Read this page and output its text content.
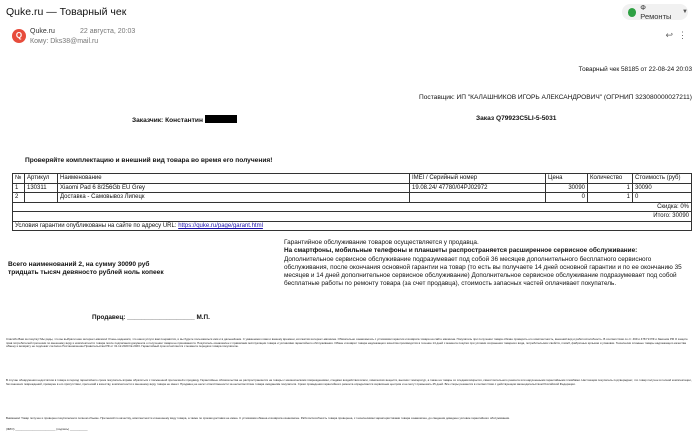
Quke.ru — Товарный чек	Ф Ремонты	▼
Q	Quke.ru	22 августа, 20:03
Кому: Dks38@mail.ru
↩⋮
Товарный чек 58185 от 22-08-24 20:03
Поставщик: ИП "КАЛАШНИКОВ ИГОРЬ АЛЕКСАНДРОВИЧ" (ОГРНИП 323080000027211)
Заказчик: Константин	Заказ Q79923C5LI-5-5031
Проверяйте комплектацию и внешний вид товара во время его получения!
№	Артикул	Наименование	IMEI / Серийный номер	Цена	Количество	Стоимость (руб)
1	130311	Xiaomi Pad 6 8/256Gb EU Grey	19.08.24/ 47780/04PJ02972	30090	1	30090
2		Доставка - Самовывоз Липецк		0	1	0
Скидка: 0%						
Итого: 30090						
Условия гарантии опубликованы на сайте по адресу URL: https://quke.ru/page/garant.html						
Всего наименований 2, на сумму 30090 руб
тридцать тысяч девяносто рублей ноль копеек
Продавец: ___________________ М.П.
Гарантийное обслуживание товаров осуществляется у продавца.
На смартфоны, мобильные телефоны и планшеты распространяется расширенное сервисное обслуживание:
Дополнительное сервисное обслуживание подразумевает под собой 36 месяцев дополнительного бесплатного сервисного обслуживания, после окончания основной гарантии на товар (то есть вы получаете 14 дней основной гарантии и по ее окончанию 35 месяцев и 14 дней дополнительное сервисное обслуживание) Дополнительное сервисное обслуживание подразумевает под собой бесплатные работы по ремонту товара (за счет продавца), стоимость запасных частей оплачивает покупатель.
Спасибо Вам за покупку! Мы рады, что вы выбрали наш интернет-магазин! Очень надеемся, что наши услуги вам понравятся, и вы будете пользоваться ими и в дальнейшем. С уважением к вам и вашему времени, коллектив интернет-магазина. Обязательно ознакомьтесь с условиями гарантии и возврата товара на сайте магазина. Покупатель при получении товара обязан проверить его комплектность, внешний вид и работоспособность. В соответствии со ст. 469 и 478 ГК РФ и Законом РФ О защите прав потребителей претензии по внешнему виду и комплектности товара после подписания документа о получении товара не принимаются. Покупатель ознакомлен с правилами эксплуатации товара и условиями гарантийного обслуживания. Обмен и возврат товара надлежащего качества производится в течение 14 дней с момента покупки при условии сохранения товарного вида, потребительских свойств, пломб, фабричных ярлыков и упаковки. Технически сложные товары надлежащего качества обмену и возврату не подлежат согласно Постановлению Правительства РФ от 31.12.2020 № 2463. Гарантийный срок исчисляется с момента передачи товара покупателю.
В случае обнаружения недостатков в товаре в период гарантийного срока покупатель вправе обратиться с письменной претензией к продавцу. Гарантийные обязательства не распространяются на товары с механическими повреждениями, следами воздействия влаги, химических веществ, высоких температур, а также на товары со следами вскрытия, самостоятельного ремонта или нарушенными гарантийными пломбами. Настоящим покупатель подтверждает, что товар получен в полной комплектации, без внешних повреждений, проверен в его присутствии, претензий к качеству, комплектности и внешнему виду товара не имеет. Продавец не несет ответственности за несоответствие товара ожиданиям покупателя. Сроки проведения гарантийного ремонта определяются сервисным центром и не могут превышать 45 дней. Все споры решаются в соответствии с действующим законодательством Российской Федерации.
Внимание! Товар получен и проверен покупателем в полном объеме. Претензий по качеству, комплектности и внешнему виду товара, а также по срокам доставки не имею. С условиями обмена и возврата ознакомлен. Работоспособность товара проверена, с техническими характеристиками товара ознакомлен, до сведения доведено условие гарантийного обслуживания.
(ФИО) _________________________ (подпись) ___________
